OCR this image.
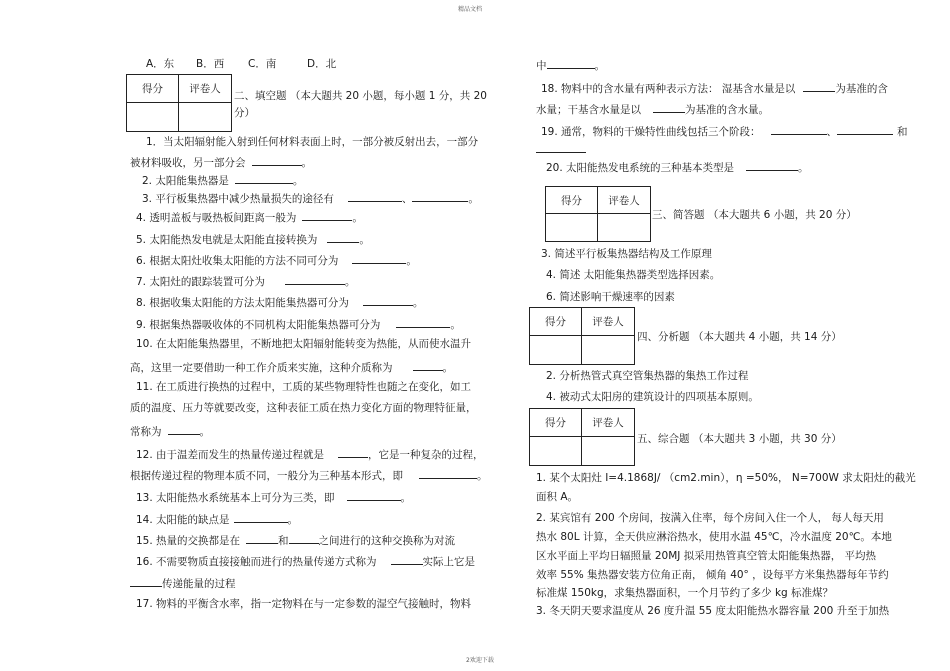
精品文档
2欢迎下载
A．东 B．西 C．南	D．北
得分	评卷人
二、填空题 （本大题共 20 小题，每小题 1 分，共 20
分）
1．当太阳辐射能入射到任何材料表面上时，一部分被反射出去，一部分
被材料吸收，另一部分会	。
2. 太阳能集热器是	。
3. 平行板集热器中减少热量损失的途径有	、	。
4. 透明盖板与吸热板间距离一般为	。
5. 太阳能热发电就是太阳能直接转换为	。
6. 根据太阳灶收集太阳能的方法不同可分为	。
7. 太阳灶的跟踪装置可分为	。
8. 根据收集太阳能的方法太阳能集热器可分为	。
9. 根据集热器吸收体的不同机构太阳能集热器可分为	。
10. 在太阳能集热器里，不断地把太阳辐射能转变为热能，从而使水温升
高，这里一定要借助一种工作介质来实施，这种介质称为	。
11. 在工质进行换热的过程中，工质的某些物理特性也随之在变化，如工
质的温度、压力等就要改变，这种表征工质在热力变化方面的物理特征量，
常称为	。
12. 由于温差而发生的热量传递过程就是	，它是一种复杂的过程，
根据传递过程的物理本质不同，一般分为三种基本形式，即	。
13. 太阳能热水系统基本上可分为三类，即	。
14. 太阳能的缺点是	。
15. 热量的交换都是在	和	之间进行的这种交换称为对流
16. 不需要物质直接接触而进行的热量传递方式称为	实际上它是
传递能量的过程
17. 物料的平衡含水率，指一定物料在与一定参数的湿空气接触时，物料
中	。
18. 物料中的含水量有两种表示方法： 湿基含水量是以	为基准的含
水量；干基含水量是以	为基准的含水量。
19. 通常，物料的干燥特性曲线包括三个阶段：	、	和
20. 太阳能热发电系统的三种基本类型是	。
得分	评卷人
三、简答题 （本大题共 6 小题，共 20 分）
3. 简述平行板集热器结构及工作原理
4. 简述 太阳能集热器类型选择因素。
6. 简述影响干燥速率的因素
得分	评卷人
四、分析题 （本大题共 4 小题，共 14 分）
2. 分析热管式真空管集热器的集热工作过程
4. 被动式太阳房的建筑设计的四项基本原则。
得分	评卷人
五、综合题 （本大题共 3 小题，共 30 分）
1. 某个太阳灶 I=4.1868J/ （cm2.min），η =50%， N=700W 求太阳灶的截光
面积 A。
2. 某宾馆有 200 个房间，按满入住率，每个房间入住一个人， 每人每天用
热水 80L 计算，全天供应淋浴热水，使用水温 45℃，冷水温度 20℃。本地
区水平面上平均日辐照量 20MJ 拟采用热管真空管太阳能集热器， 平均热
效率 55% 集热器安装方位角正南， 倾角 40° ，设每平方米集热器每年节约
标准煤 150kg，求集热器面积，一个月节约了多少 kg 标准煤？
3. 冬天阴天要求温度从 26 度升温 55 度太阳能热水器容量 200 升至于加热
